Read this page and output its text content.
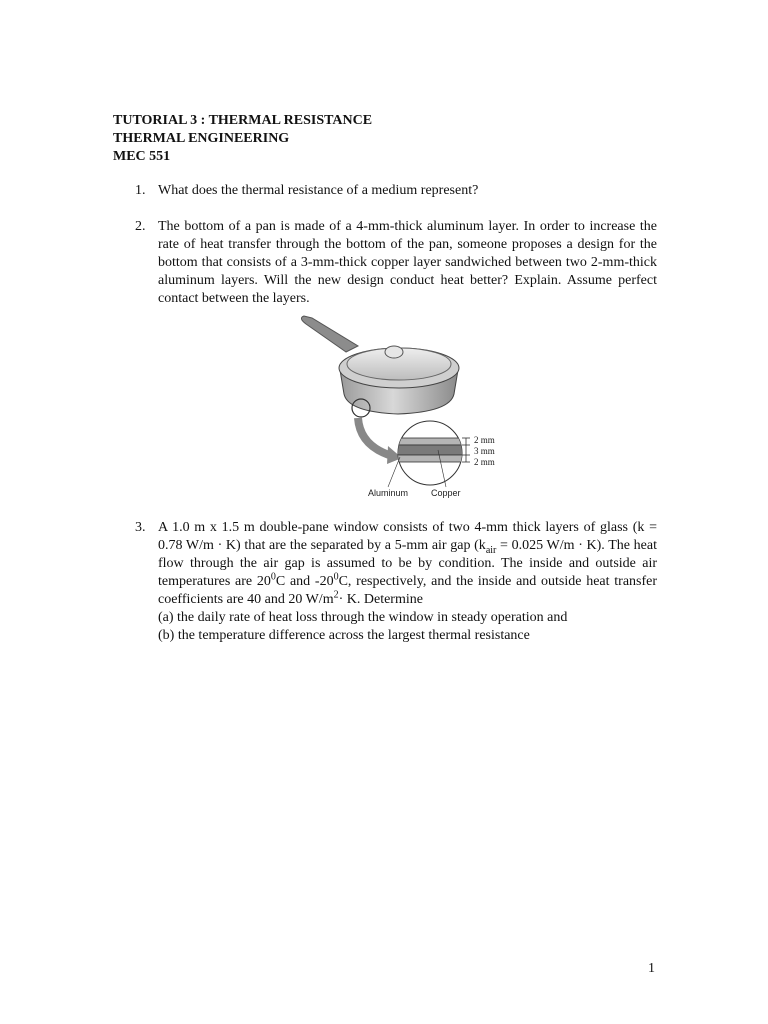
TUTORIAL 3 : THERMAL RESISTANCE
THERMAL ENGINEERING
MEC 551
1. What does the thermal resistance of a medium represent?
2. The bottom of a pan is made of a 4-mm-thick aluminum layer. In order to increase the rate of heat transfer through the bottom of the pan, someone proposes a design for the bottom that consists of a 3-mm-thick copper layer sandwiched between two 2-mm-thick aluminum layers. Will the new design conduct heat better? Explain. Assume perfect contact between the layers.
2 mm
3 mm
2 mm
Aluminum	Copper
3. A 1.0 m x 1.5 m double-pane window consists of two 4-mm thick layers of glass (k = 0.78 W/m · K) that are the separated by a 5-mm air gap ($k_{air} = 0.025$ W/m · K). The heat flow through the air gap is assumed to be by condition. The inside and outside air temperatures are $20^0C$ and $-20^0C$, respectively, and the inside and outside heat transfer coefficients are 40 and 20 $W/m^2\cdot K$. Determine
(a) the daily rate of heat loss through the window in steady operation and
(b) the temperature difference across the largest thermal resistance
1
